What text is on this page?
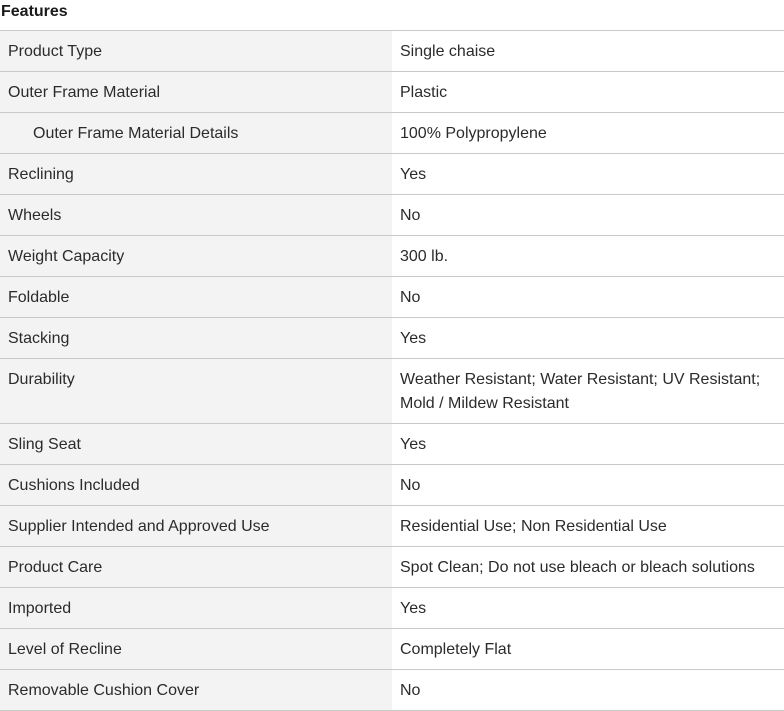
Features
Product Type	Single chaise
Outer Frame Material	Plastic
Outer Frame Material Details	100% Polypropylene
Reclining	Yes
Wheels	No
Weight Capacity	300 lb.
Foldable	No
Stacking	Yes
Durability	Weather Resistant; Water Resistant; UV Resistant; Mold / Mildew Resistant
Sling Seat	Yes
Cushions Included	No
Supplier Intended and Approved Use	Residential Use; Non Residential Use
Product Care	Spot Clean; Do not use bleach or bleach solutions
Imported	Yes
Level of Recline	Completely Flat
Removable Cushion Cover	No
